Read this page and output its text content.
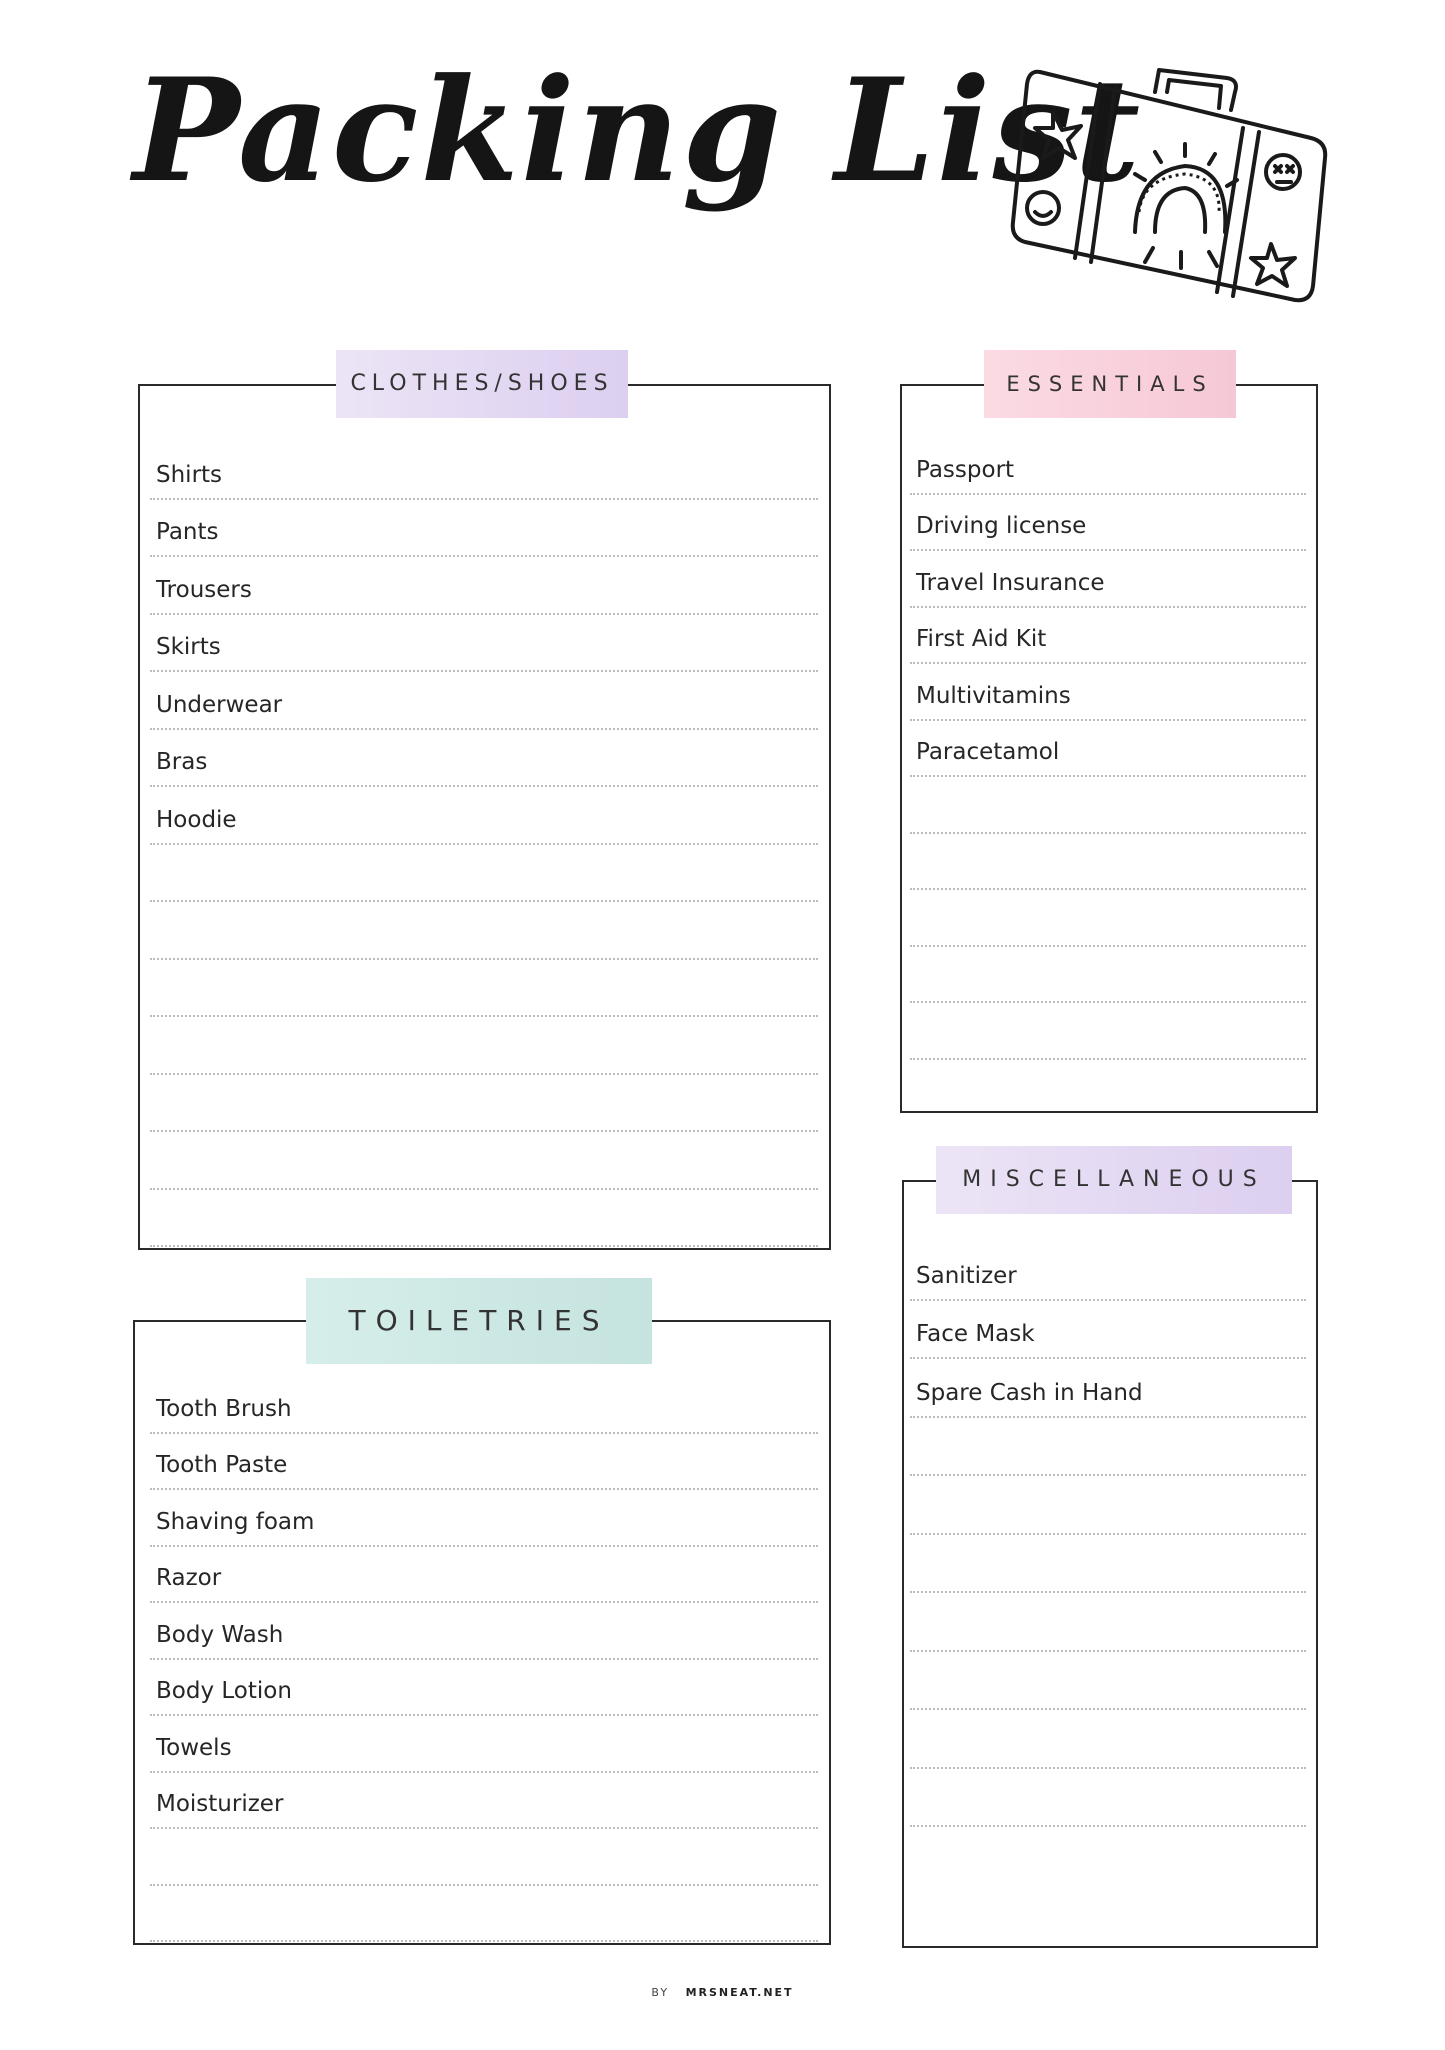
Packing List
CLOTHES/SHOES
Shirts
Pants
Trousers
Skirts
Underwear
Bras
Hoodie
ESSENTIALS
Passport
Driving license
Travel Insurance
First Aid Kit
Multivitamins
Paracetamol
TOILETRIES
Tooth Brush
Tooth Paste
Shaving foam
Razor
Body Wash
Body Lotion
Towels
Moisturizer
MISCELLANEOUS
Sanitizer
Face Mask
Spare Cash in Hand
BY MRSNEAT.NET
